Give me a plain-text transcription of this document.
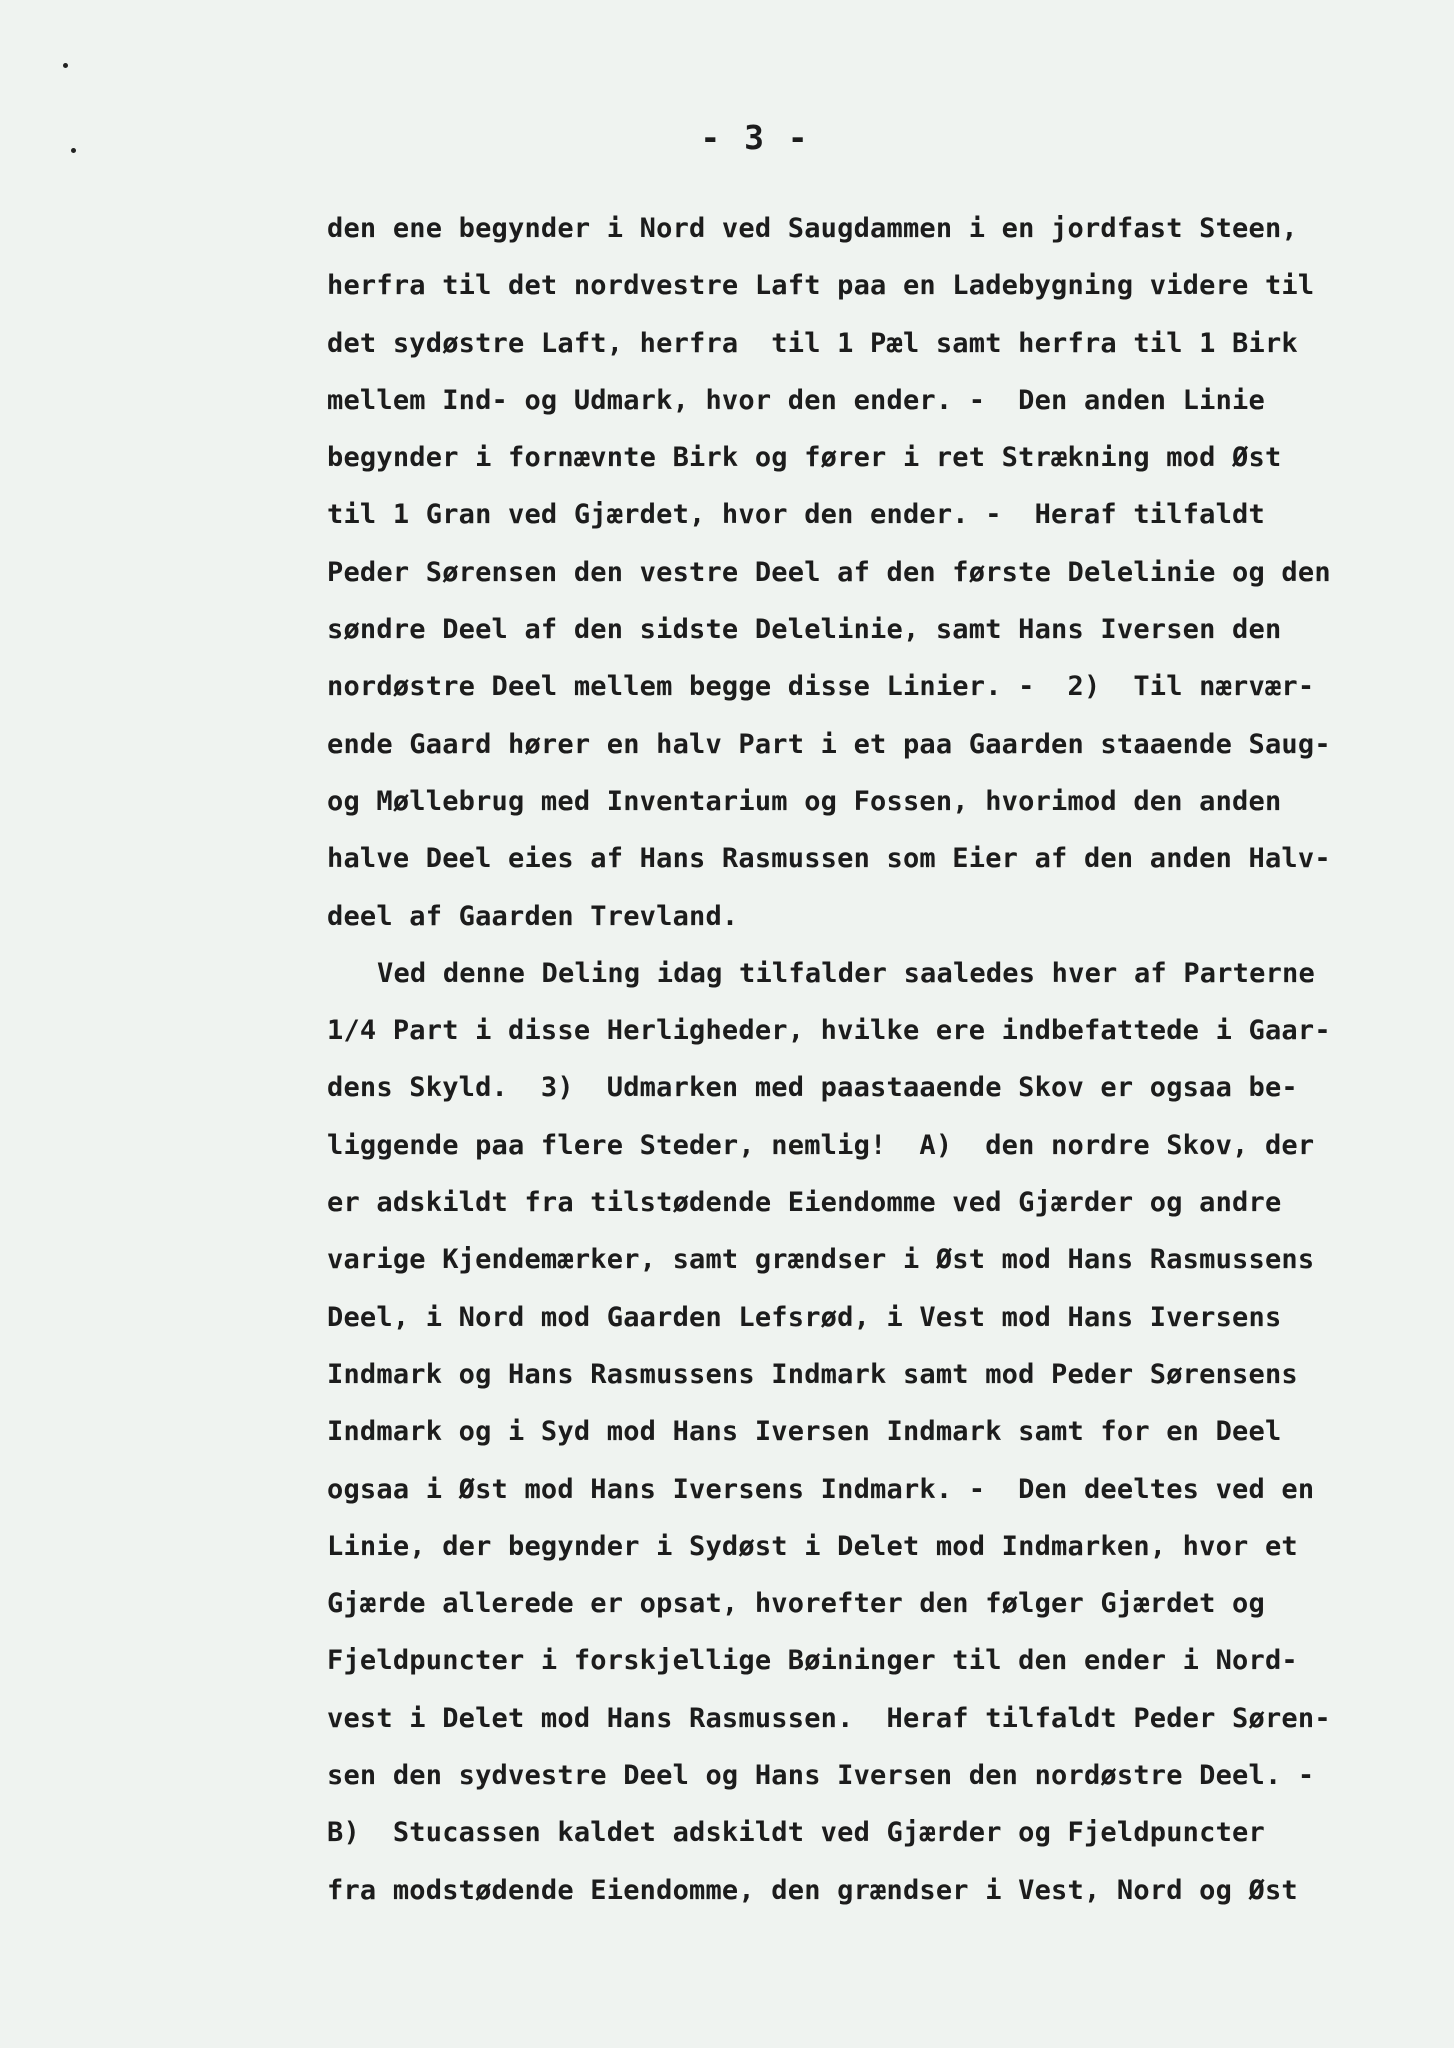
- 3 -
den ene begynder i Nord ved Saugdammen i en jordfast Steen,
herfra til det nordvestre Laft paa en Ladebygning videre til
det sydøstre Laft, herfra  til 1 Pæl samt herfra til 1 Birk
mellem Ind- og Udmark, hvor den ender. -  Den anden Linie
begynder i fornævnte Birk og fører i ret Strækning mod Øst
til 1 Gran ved Gjærdet, hvor den ender. -  Heraf tilfaldt
Peder Sørensen den vestre Deel af den første Delelinie og den
søndre Deel af den sidste Delelinie, samt Hans Iversen den
nordøstre Deel mellem begge disse Linier. -  2)  Til nærvær-
ende Gaard hører en halv Part i et paa Gaarden staaende Saug-
og Møllebrug med Inventarium og Fossen, hvorimod den anden
halve Deel eies af Hans Rasmussen som Eier af den anden Halv-
deel af Gaarden Trevland.
Ved denne Deling idag tilfalder saaledes hver af Parterne
1/4 Part i disse Herligheder, hvilke ere indbefattede i Gaar-
dens Skyld.  3)  Udmarken med paastaaende Skov er ogsaa be-
liggende paa flere Steder, nemlig!  A)  den nordre Skov, der
er adskildt fra tilstødende Eiendomme ved Gjærder og andre
varige Kjendemærker, samt grændser i Øst mod Hans Rasmussens
Deel, i Nord mod Gaarden Lefsrød, i Vest mod Hans Iversens
Indmark og Hans Rasmussens Indmark samt mod Peder Sørensens
Indmark og i Syd mod Hans Iversen Indmark samt for en Deel
ogsaa i Øst mod Hans Iversens Indmark. -  Den deeltes ved en
Linie, der begynder i Sydøst i Delet mod Indmarken, hvor et
Gjærde allerede er opsat, hvorefter den følger Gjærdet og
Fjeldpuncter i forskjellige Bøininger til den ender i Nord-
vest i Delet mod Hans Rasmussen.  Heraf tilfaldt Peder Søren-
sen den sydvestre Deel og Hans Iversen den nordøstre Deel. -
B)  Stucassen kaldet adskildt ved Gjærder og Fjeldpuncter
fra modstødende Eiendomme, den grændser i Vest, Nord og Øst
